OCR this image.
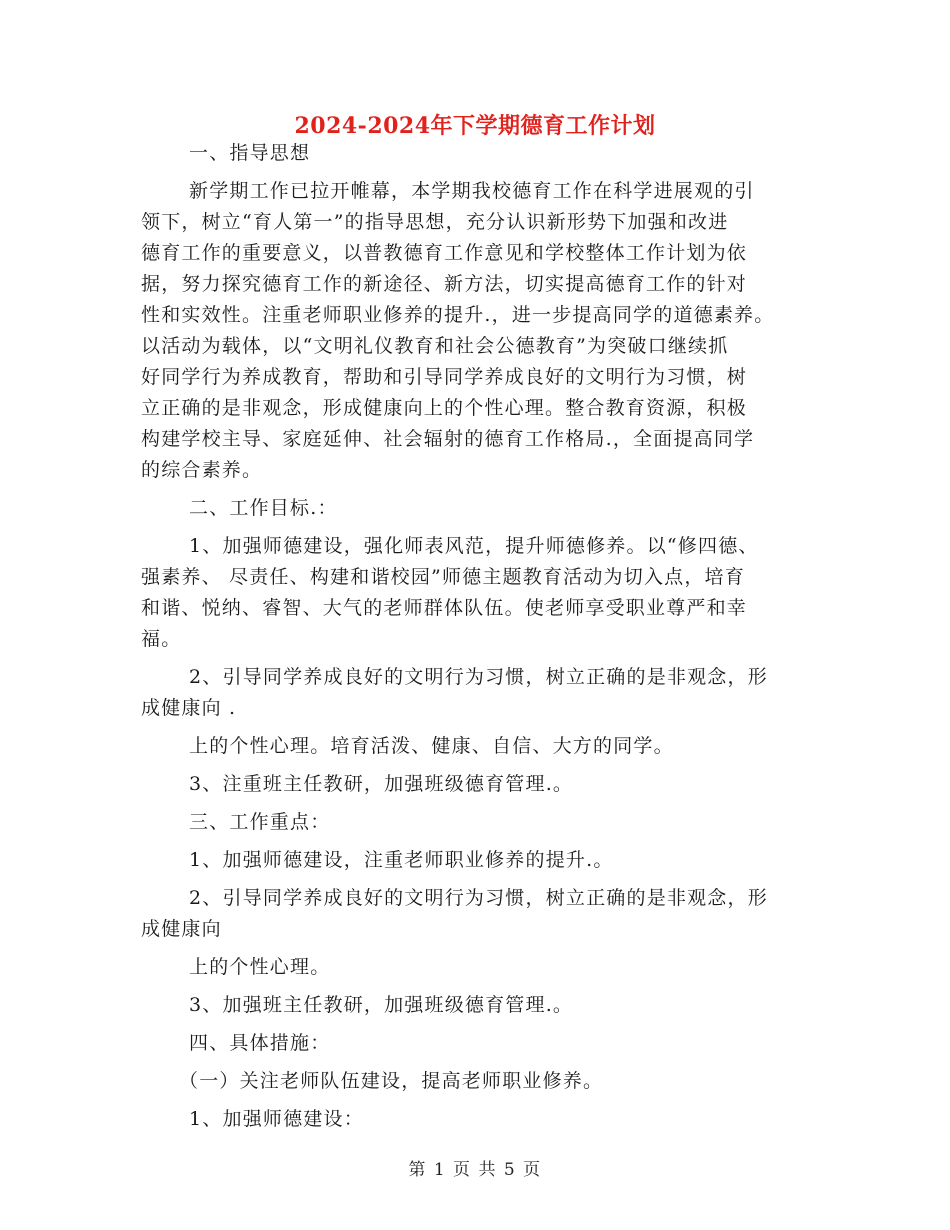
2024-2024年下学期德育工作计划
一、指导思想
新学期工作已拉开帷幕，本学期我校德育工作在科学进展观的引
领下，树立“育人第一”的指导思想，充分认识新形势下加强和改进
德育工作的重要意义，以普教德育工作意见和学校整体工作计划为依
据，努力探究德育工作的新途径、新方法，切实提高德育工作的针对
性和实效性。注重老师职业修养的提升.，进一步提高同学的道德素养。
以活动为载体，以“文明礼仪教育和社会公德教育”为突破口继续抓
好同学行为养成教育，帮助和引导同学养成良好的文明行为习惯，树
立正确的是非观念，形成健康向上的个性心理。整合教育资源，积极
构建学校主导、家庭延伸、社会辐射的德育工作格局.，全面提高同学
的综合素养。
二、工作目标.：
1、加强师德建设，强化师表风范，提升师德修养。以“修四德、
强素养、 尽责任、构建和谐校园”师德主题教育活动为切入点，培育
和谐、悦纳、睿智、大气的老师群体队伍。使老师享受职业尊严和幸
福。
2、引导同学养成良好的文明行为习惯，树立正确的是非观念，形
成健康向 .
上的个性心理。培育活泼、健康、自信、大方的同学。
3、注重班主任教研，加强班级德育管理.。
三、工作重点：
1、加强师德建设，注重老师职业修养的提升.。
2、引导同学养成良好的文明行为习惯，树立正确的是非观念，形
成健康向
上的个性心理。
3、加强班主任教研，加强班级德育管理.。
四、具体措施：
（一）关注老师队伍建设，提高老师职业修养。
1、加强师德建设：
第 1 页 共 5 页
